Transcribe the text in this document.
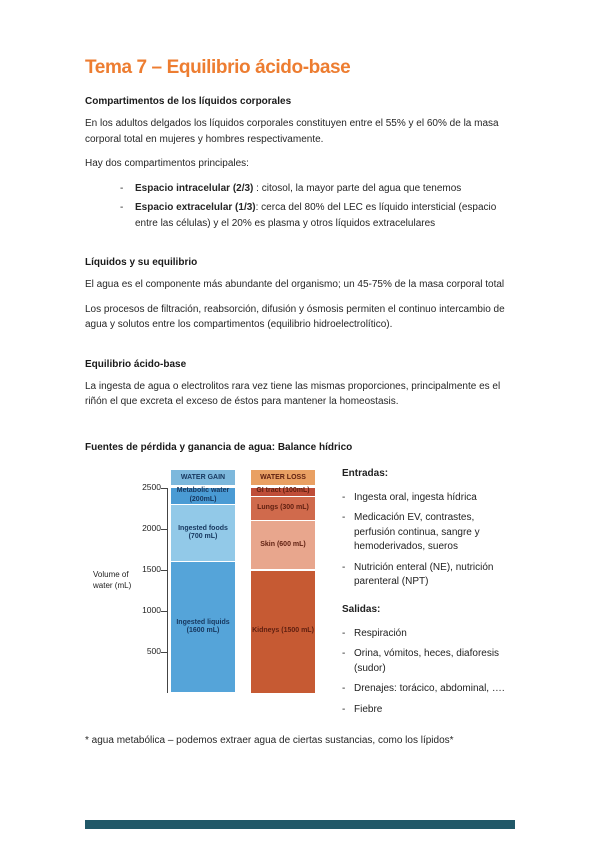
Tema 7 – Equilibrio ácido-base
Compartimentos de los líquidos corporales

En los adultos delgados los líquidos corporales constituyen entre el 55% y el 60% de la masa corporal total en mujeres y hombres respectivamente.

Hay dos compartimentos principales:

-	Espacio intracelular (2/3) : citosol, la mayor parte del agua que tenemos
-	Espacio extracelular (1/3): cerca del 80% del LEC es líquido intersticial (espacio entre las células) y el 20% es plasma y otros líquidos extracelulares
Líquidos y su equilibrio

El agua es el componente más abundante del organismo; un 45-75% de la masa corporal total

Los procesos de filtración, reabsorción, difusión y ósmosis permiten el continuo intercambio de agua y solutos entre los compartimentos (equilibrio hidroelectrolítico).

Equilibrio ácido-base

La ingesta de agua o electrolitos rara vez tiene las mismas proporciones, principalmente es el riñón el que excreta el exceso de éstos para mantener la homeostasis.

Fuentes de pérdida y ganancia de agua: Balance hídrico
Volume of
water (mL)
2500
2000
1500
1000
500
WATER GAIN
Metabolic water (200mL)
Ingested foods (700 mL)
Ingested liquids (1600 mL)
WATER LOSS
GI tract (100mL)
Lungs (300 mL)
Skin (600 mL)
Kidneys (1500 mL)
Entradas:
- Ingesta oral, ingesta hídrica
- Medicación EV, contrastes, perfusión continua, sangre y hemoderivados, sueros
- Nutrición enteral (NE), nutrición parenteral (NPT)
Salidas:
- Respiración
- Orina, vómitos, heces, diaforesis (sudor)
- Drenajes: torácico, abdominal, ….
- Fiebre

* agua metabólica – podemos extraer agua de ciertas sustancias, como los lípidos*
